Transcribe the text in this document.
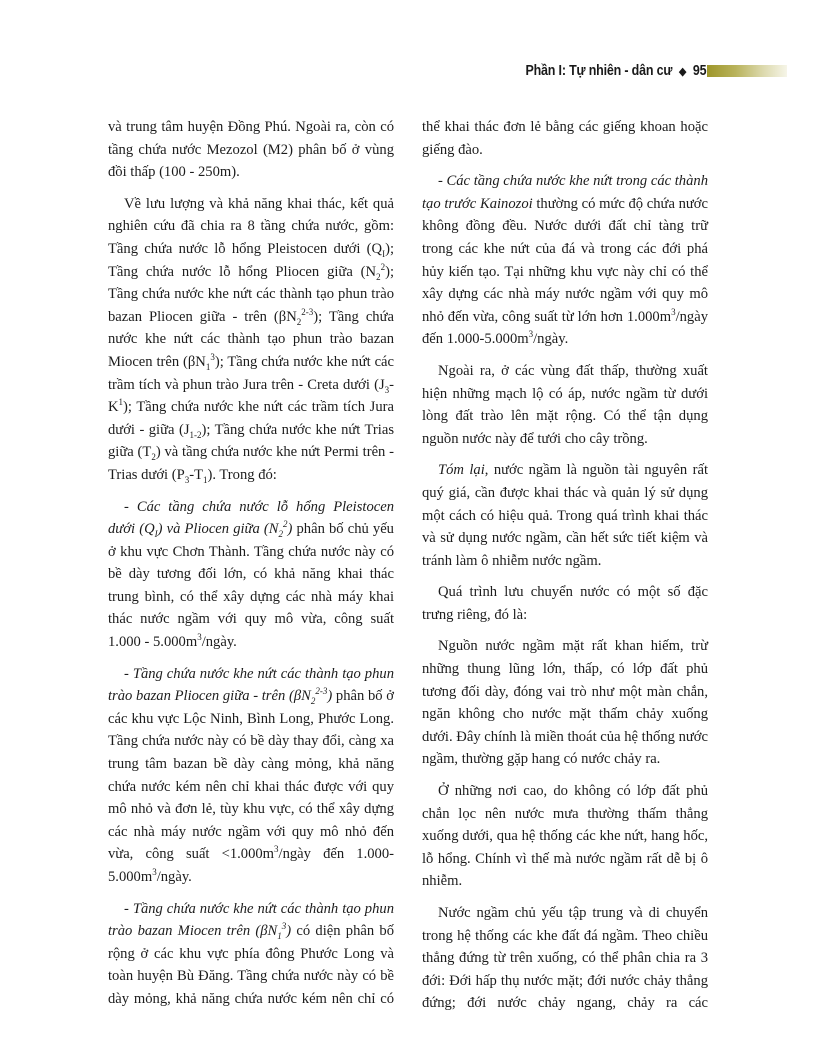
Phần I: Tự nhiên - dân cư ◆ 95

và trung tâm huyện Đồng Phú. Ngoài ra, còn có tầng chứa nước Mezozol (M2) phân bố ở vùng đồi thấp (100 - 250m).

Về lưu lượng và khả năng khai thác, kết quả nghiên cứu đã chia ra 8 tầng chứa nước, gồm: Tầng chứa nước lỗ hổng Pleistocen dưới $(Q_I)$; Tầng chứa nước lỗ hổng Pliocen giữa $(N_2^2)$; Tầng chứa nước khe nứt các thành tạo phun trào bazan Pliocen giữa - trên $(\beta N_2^{2-3})$; Tầng chứa nước khe nứt các thành tạo phun trào bazan Miocen trên $(\beta N_1^3)$; Tầng chứa nước khe nứt các trầm tích và phun trào Jura trên - Creta dưới ($J_3-$ $K^1$); Tầng chứa nước khe nứt các trầm tích Jura dưới - giữa $(J_{1-2})$; Tầng chứa nước khe nứt Trias giữa $(T_2)$ và tầng chứa nước khe nứt Permi trên - Trias dưới $(P_3-T_1)$. Trong đó:

- Các tầng chứa nước lỗ hổng Pleistocen dưới $(Q_I)$ và Pliocen giữa $(N_2^2)$ phân bố chủ yếu ở khu vực Chơn Thành. Tầng chứa nước này có bề dày tương đối lớn, có khả năng khai thác trung bình, có thể xây dựng các nhà máy khai thác nước ngầm với quy mô vừa, công suất $1.000 - 5.000m^3$/ngày.

- Tầng chứa nước khe nứt các thành tạo phun trào bazan Pliocen giữa - trên $(\beta N_2^{2-3})$ phân bố ở các khu vực Lộc Ninh, Bình Long, Phước Long. Tầng chứa nước này có bề dày thay đổi, càng xa trung tâm bazan bề dày càng mỏng, khả năng chứa nước kém nên chỉ khai thác được với quy mô nhỏ và đơn lẻ, tùy khu vực, có thể xây dựng các nhà máy nước ngầm với quy mô nhỏ đến vừa, công suất $<1.000m^3$/ngày đến $1.000-5.000m^3$/ngày.

- Tầng chứa nước khe nứt các thành tạo phun trào bazan Miocen trên $(\beta N_1^3)$ có diện phân bố rộng ở các khu vực phía đông Phước Long và toàn huyện Bù Đăng. Tầng chứa nước này có bề dày mỏng, khả năng chứa nước kém nên chỉ có

thể khai thác đơn lẻ bằng các giếng khoan hoặc giếng đào.

- Các tầng chứa nước khe nứt trong các thành tạo trước Kainozoi thường có mức độ chứa nước không đồng đều. Nước dưới đất chỉ tàng trữ trong các khe nứt của đá và trong các đới phá hủy kiến tạo. Tại những khu vực này chỉ có thể xây dựng các nhà máy nước ngầm với quy mô nhỏ đến vừa, công suất từ lớn hơn $1.000m^3$/ngày đến $1.000-5.000m^3$/ngày.

Ngoài ra, ở các vùng đất thấp, thường xuất hiện những mạch lộ có áp, nước ngầm từ dưới lòng đất trào lên mặt rộng. Có thể tận dụng nguồn nước này để tưới cho cây trồng.

Tóm lại, nước ngầm là nguồn tài nguyên rất quý giá, cần được khai thác và quản lý sử dụng một cách có hiệu quả. Trong quá trình khai thác và sử dụng nước ngầm, cần hết sức tiết kiệm và tránh làm ô nhiễm nước ngầm.

Quá trình lưu chuyển nước có một số đặc trưng riêng, đó là:

Nguồn nước ngầm mặt rất khan hiếm, trừ những thung lũng lớn, thấp, có lớp đất phủ tương đối dày, đóng vai trò như một màn chắn, ngăn không cho nước mặt thấm chảy xuống dưới. Đây chính là miền thoát của hệ thống nước ngầm, thường gặp hang có nước chảy ra.

Ở những nơi cao, do không có lớp đất phủ chắn lọc nên nước mưa thường thấm thẳng xuống dưới, qua hệ thống các khe nứt, hang hốc, lỗ hổng. Chính vì thế mà nước ngầm rất dễ bị ô nhiễm.

Nước ngầm chủ yếu tập trung và di chuyển trong hệ thống các khe đất đá ngầm. Theo chiều thẳng đứng từ trên xuống, có thể phân chia ra 3 đới: Đới hấp thụ nước mặt; đới nước chảy thẳng đứng; đới nước chảy ngang, chảy ra các
